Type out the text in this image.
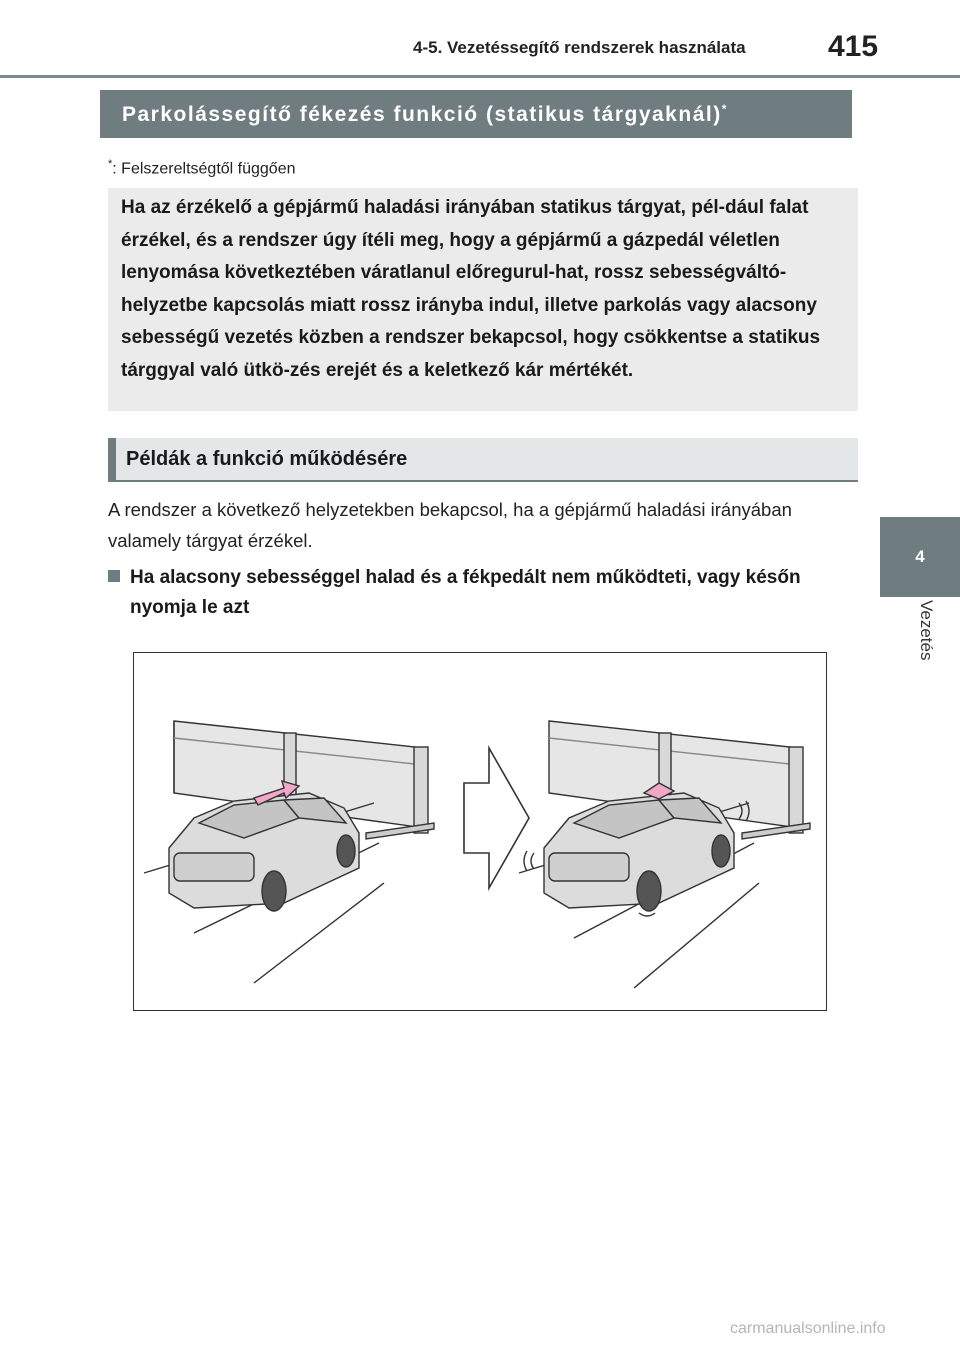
4-5. Vezetéssegítő rendszerek használata	415
4
Vezetés
Parkolássegítő fékezés funkció (statikus tárgyaknál)*
*: Felszereltségtől függően

Ha az érzékelő a gépjármű haladási irányában statikus tárgyat, pél-dául falat érzékel, és a rendszer úgy ítéli meg, hogy a gépjármű a gázpedál véletlen lenyomása következtében váratlanul előregurul-hat, rossz sebességváltó-helyzetbe kapcsolás miatt rossz irányba indul, illetve parkolás vagy alacsony sebességű vezetés közben a rendszer bekapcsol, hogy csökkentse a statikus tárggyal való ütkö-zés erejét és a keletkező kár mértékét.

Példák a funkció működésére

A rendszer a következő helyzetekben bekapcsol, ha a gépjármű haladási irányában valamely tárgyat érzékel.

Ha alacsony sebességgel halad és a fékpedált nem működteti, vagy későn nyomja le azt

carmanualsonline.info
